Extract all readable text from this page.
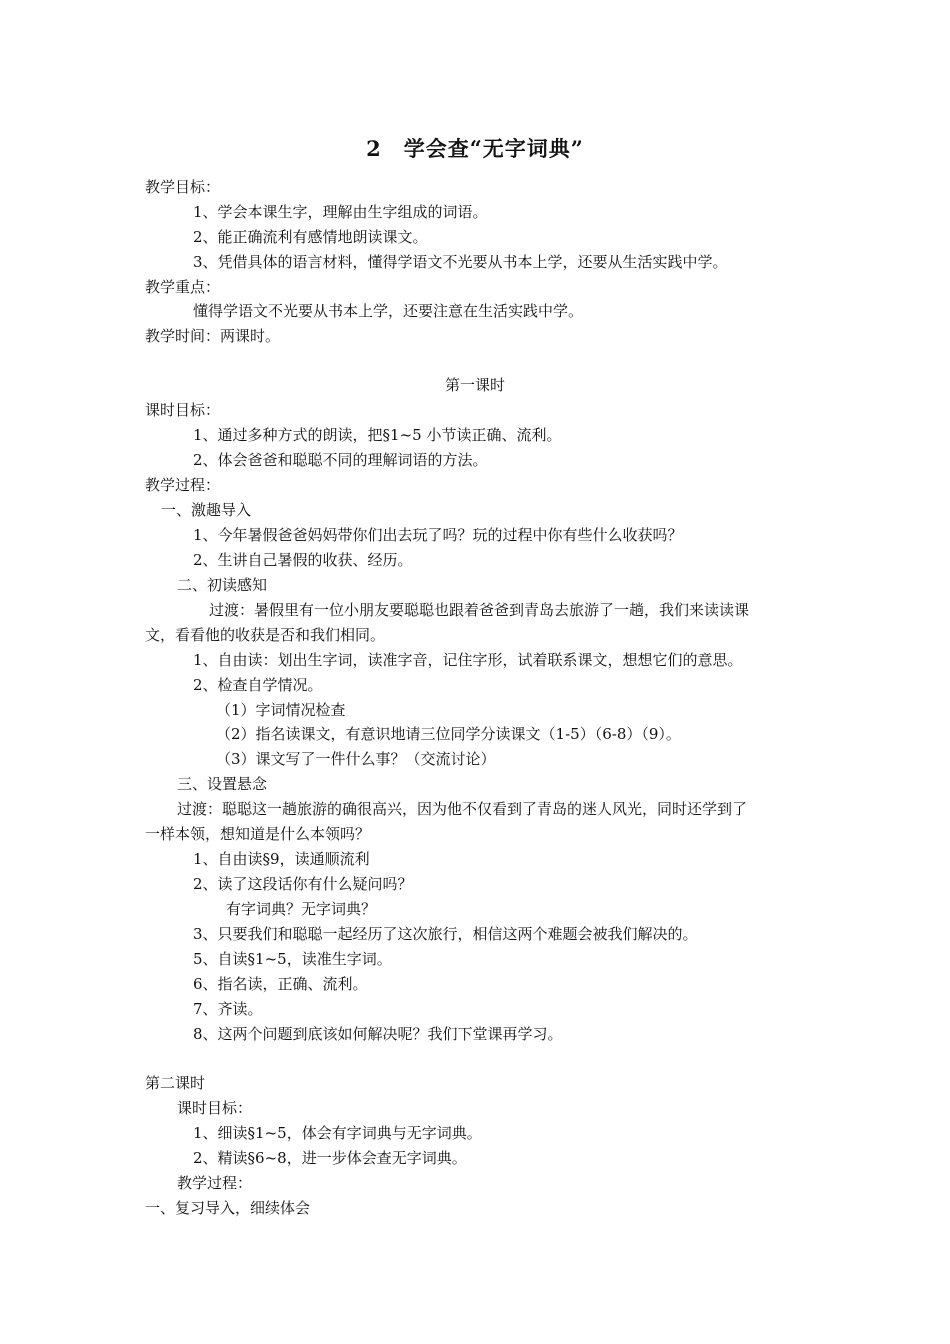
2　学会查“无字词典”
教学目标：
1、学会本课生字，理解由生字组成的词语。
2、能正确流利有感情地朗读课文。
3、凭借具体的语言材料，懂得学语文不光要从书本上学，还要从生活实践中学。
教学重点：
懂得学语文不光要从书本上学，还要注意在生活实践中学。
教学时间：两课时。
第一课时
课时目标：
1、通过多种方式的朗读，把§1~5 小节读正确、流利。
2、体会爸爸和聪聪不同的理解词语的方法。
教学过程：
一、激趣导入
1、今年暑假爸爸妈妈带你们出去玩了吗？玩的过程中你有些什么收获吗？
2、生讲自己暑假的收获、经历。
二、初读感知
过渡：暑假里有一位小朋友要聪聪也跟着爸爸到青岛去旅游了一趟，我们来读读课
文，看看他的收获是否和我们相同。
1、自由读：划出生字词，读准字音，记住字形，试着联系课文，想想它们的意思。
2、检查自学情况。
（1）字词情况检查
（2）指名读课文，有意识地请三位同学分读课文（1-5）（6-8）（9）。
（3）课文写了一件什么事？（交流讨论）
三、设置悬念
过渡：聪聪这一趟旅游的确很高兴，因为他不仅看到了青岛的迷人风光，同时还学到了
一样本领，想知道是什么本领吗？
1、自由读§9，读通顺流利
2、读了这段话你有什么疑问吗？
有字词典？无字词典？
3、只要我们和聪聪一起经历了这次旅行，相信这两个难题会被我们解决的。
5、自读§1~5，读准生字词。
6、指名读，正确、流利。
7、齐读。
8、这两个问题到底该如何解决呢？我们下堂课再学习。
第二课时
课时目标：
1、细读§1~5，体会有字词典与无字词典。
2、精读§6~8，进一步体会查无字词典。
教学过程：
一、复习导入，细续体会
